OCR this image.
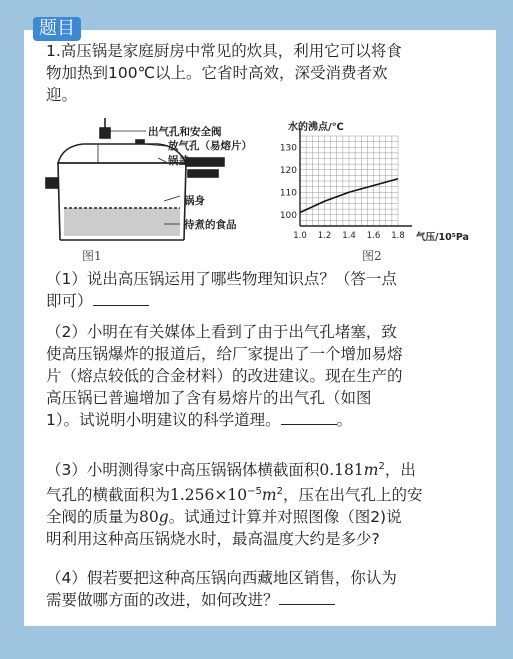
题目
1.高压锅是家庭厨房中常见的炊具，利用它可以将食
物加热到100℃以上。它省时高效，深受消费者欢
迎。
出气孔和安全阀
放气孔（易熔片）
锅盖
锅身
待煮的食品
图1
100
110
120
130
1.0 1.2 1.4 1.6 1.8
水的沸点/℃
气压/10⁵Pa
图2
（1）说出高压锅运用了哪些物理知识点？（答一点
即可）
（2）小明在有关媒体上看到了由于出气孔堵塞，致
使高压锅爆炸的报道后，给厂家提出了一个增加易熔
片（熔点较低的合金材料）的改进建议。现在生产的
高压锅已普遍增加了含有易熔片的出气孔（如图
1）。试说明小明建议的科学道理。	。
（3）小明测得家中高压锅锅体横截面积$0.181m^2$，出
气孔的横截面积为$1.256\times 10^{-5}m^2$，压在出气孔上的安
全阀的质量为80g。试通过计算并对照图像（图2)说
明利用这种高压锅烧水时，最高温度大约是多少?
（4）假若要把这种高压锅向西藏地区销售，你认为
需要做哪方面的改进，如何改进？
